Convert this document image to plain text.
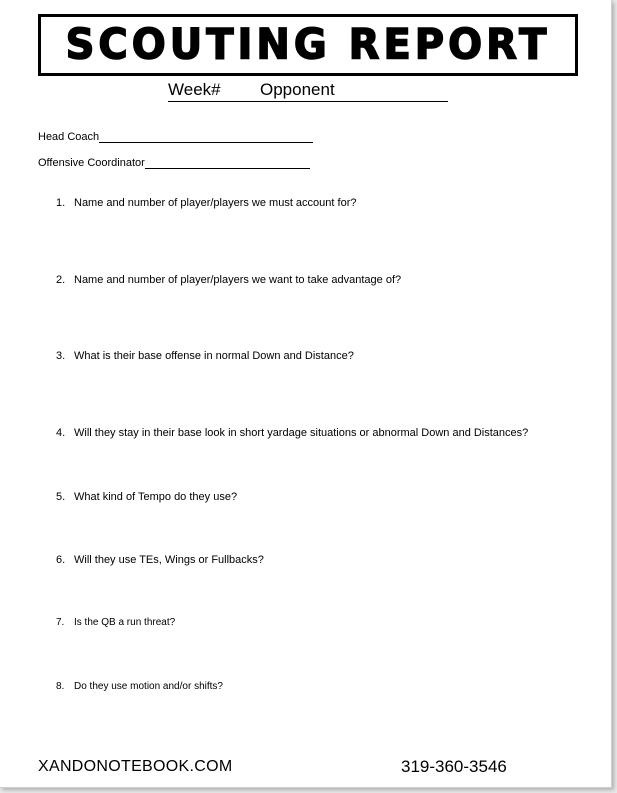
SCOUTING REPORT
Week# Opponent
Head Coach
Offensive Coordinator
1. Name and number of player/players we must account for?
2. Name and number of player/players we want to take advantage of?
3. What is their base offense in normal Down and Distance?
4. Will they stay in their base look in short yardage situations or abnormal Down and Distances?
5. What kind of Tempo do they use?
6. Will they use TEs, Wings or Fullbacks?
7. Is the QB a run threat?
8. Do they use motion and/or shifts?
XANDONOTEBOOK.COM	319-360-3546
